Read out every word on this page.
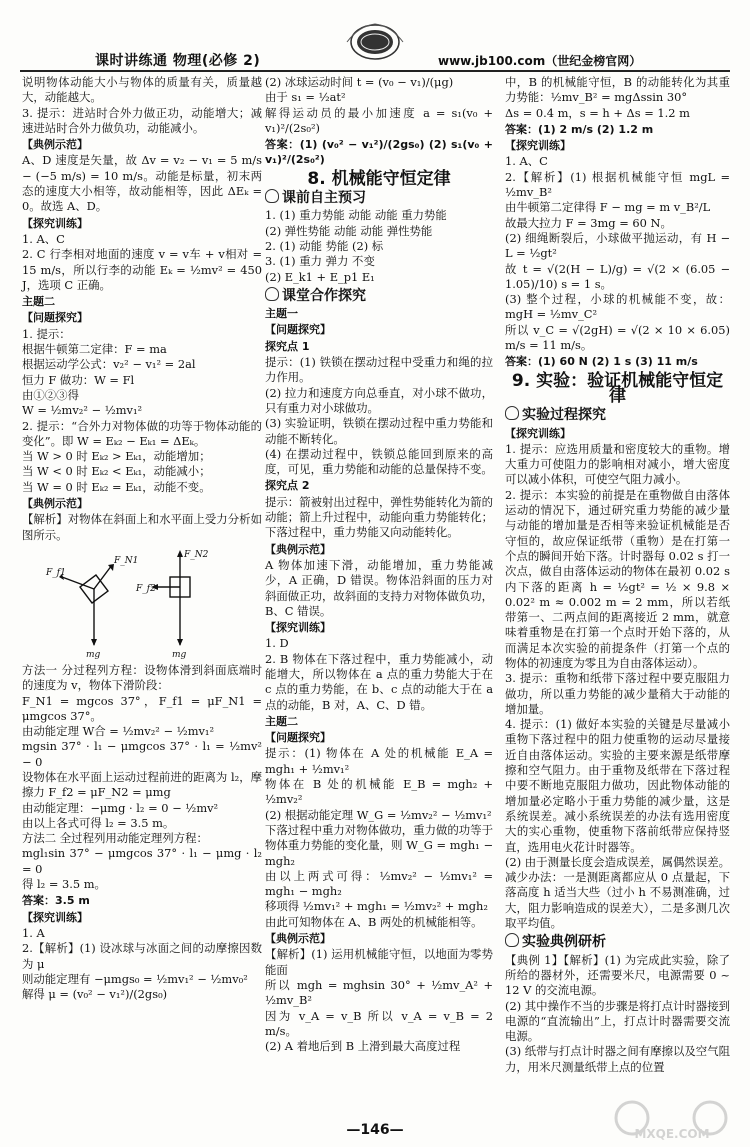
课时讲练通 物理(必修 2)	www.jb100.com（世纪金榜官网）

说明物体动能大小与物体的质量有关，质量越大，动能越大。

3. 提示：进站时合外力做正功，动能增大；减速进站时合外力做负功，动能减小。

【典例示范】

A、D 速度是矢量，故 Δv = v₂ − v₁ = 5 m/s − (−5 m/s) = 10 m/s。动能是标量，初末两态的速度大小相等，故动能相等，因此 ΔEₖ = 0。故选 A、D。

【探究训练】

1. A、C

2. C 行李相对地面的速度 v = v车 + v相对 = 15 m/s，所以行李的动能 Eₖ = ½mv² = 450 J，选项 C 正确。

主题二

【问题探究】

1. 提示：

根据牛顿第二定律：F = ma

根据运动学公式：v₂² − v₁² = 2al

恒力 F 做功：W = Fl

由①②③得

W = ½mv₂² − ½mv₁²

2. 提示：“合外力对物体做的功等于物体动能的变化”。即 W = Eₖ₂ − Eₖ₁ = ΔEₖ。

当 W > 0 时 Eₖ₂ > Eₖ₁，动能增加；

当 W < 0 时 Eₖ₂ < Eₖ₁，动能减小；

当 W = 0 时 Eₖ₂ = Eₖ₁，动能不变。

【典例示范】

【解析】对物体在斜面上和水平面上受力分析如图所示。

F_f1
F_N1
mg
F_N2
F_f2
mg

方法一 分过程列方程：设物体滑到斜面底端时的速度为 v，物体下滑阶段：

F_N1 = mgcos 37°，F_f1 = μF_N1 = μmgcos 37°。

由动能定理 W合 = ½mv₂² − ½mv₁²

mgsin 37° · l₁ − μmgcos 37° · l₁ = ½mv² − 0

设物体在水平面上运动过程前进的距离为 l₂，摩擦力 F_f2 = μF_N2 = μmg

由动能定理：−μmg · l₂ = 0 − ½mv²

由以上各式可得 l₂ = 3.5 m。

方法二 全过程列用动能定理列方程：

mgl₁sin 37° − μmgcos 37° · l₁ − μmg · l₂ = 0

得 l₂ = 3.5 m。

答案：3.5 m

【探究训练】

1. A

2.【解析】(1) 设冰球与冰面之间的动摩擦因数为 μ

则动能定理有 −μmgs₀ = ½mv₁² − ½mv₀²

解得 μ = (v₀² − v₁²)/(2gs₀)

(2) 冰球运动时间 t = (v₀ − v₁)/(μg)

由于 s₁ = ½at²

解得运动员的最小加速度 a = s₁(v₀ + v₁)²/(2s₀²)

答案：(1) (v₀² − v₁²)/(2gs₀) (2) s₁(v₀ + v₁)²/(2s₀²)

8. 机械能守恒定律

课前自主预习

1. (1) 重力势能 动能 动能 重力势能

(2) 弹性势能 动能 动能 弹性势能

2. (1) 动能 势能 (2) 标

3. (1) 重力 弹力 不变

(2) E_k1 + E_p1 E₁

课堂合作探究

主题一

【问题探究】

探究点 1

提示：(1) 铁锁在摆动过程中受重力和绳的拉力作用。

(2) 拉力和速度方向总垂直，对小球不做功，只有重力对小球做功。

(3) 实验证明，铁锁在摆动过程中重力势能和动能不断转化。

(4) 在摆动过程中，铁锁总能回到原来的高度，可见，重力势能和动能的总量保持不变。

探究点 2

提示：箭被射出过程中，弹性势能转化为箭的动能；箭上升过程中，动能向重力势能转化；下落过程中，重力势能又向动能转化。

【典例示范】

A 物体加速下滑，动能增加，重力势能减少，A 正确，D 错误。物体沿斜面的压力对斜面做正功，故斜面的支持力对物体做负功，B、C 错误。

【探究训练】

1. D

2. B 物体在下落过程中，重力势能减小，动能增大，所以物体在 a 点的重力势能大于在 c 点的重力势能，在 b、c 点的动能大于在 a 点的动能，B 对，A、C、D 错。

主题二

【问题探究】

提示：(1) 物体在 A 处的机械能 E_A = mgh₁ + ½mv₁²

物体在 B 处的机械能 E_B = mgh₂ + ½mv₂²

(2) 根据动能定理 W_G = ½mv₂² − ½mv₁²

下落过程中重力对物体做功，重力做的功等于物体重力势能的变化量，则 W_G = mgh₁ − mgh₂

由以上两式可得：½mv₂² − ½mv₁² = mgh₁ − mgh₂

移项得 ½mv₁² + mgh₁ = ½mv₂² + mgh₂

由此可知物体在 A、B 两处的机械能相等。

【典例示范】

【解析】(1) 运用机械能守恒，以地面为零势能面

所以 mgh = mghsin 30° + ½mv_A² + ½mv_B²

因为 v_A = v_B 所以 v_A = v_B = 2 m/s。

(2) A 着地后到 B 上滑到最大高度过程

中，B 的机械能守恒，B 的动能转化为其重力势能：½mv_B² = mgΔssin 30°

Δs = 0.4 m，s = h + Δs = 1.2 m

答案：(1) 2 m/s (2) 1.2 m

【探究训练】

1. A、C

2.【解析】(1) 根据机械能守恒 mgL = ½mv_B²

由牛顿第二定律得 F − mg = m v_B²/L

故最大拉力 F = 3mg = 60 N。

(2) 细绳断裂后，小球做平抛运动，有 H − L = ½gt²

故 t = √(2(H − L)/g) = √(2 × (6.05 − 1.05)/10) s = 1 s。

(3) 整个过程，小球的机械能不变，故：mgH = ½mv_C²

所以 v_C = √(2gH) = √(2 × 10 × 6.05) m/s = 11 m/s。

答案：(1) 60 N (2) 1 s (3) 11 m/s

9. 实验：验证机械能守恒定律

实验过程探究

【探究训练】

1. 提示：应选用质量和密度较大的重物。增大重力可使阻力的影响相对减小，增大密度可以减小体积，可使空气阻力减小。

2. 提示：本实验的前提是在重物做自由落体运动的情况下，通过研究重力势能的减少量与动能的增加量是否相等来验证机械能是否守恒的，故应保证纸带（重物）是在打第一个点的瞬间开始下落。计时器每 0.02 s 打一次点，做自由落体运动的物体在最初 0.02 s 内下落的距离 h = ½gt² = ½ × 9.8 × 0.02² m ≈ 0.002 m = 2 mm，所以若纸带第一、二两点间的距离接近 2 mm，就意味着重物是在打第一个点时开始下落的，从而满足本次实验的前提条件（打第一个点的物体的初速度为零且为自由落体运动）。

3. 提示：重物和纸带下落过程中要克服阻力做功，所以重力势能的减少量稍大于动能的增加量。

4. 提示：(1) 做好本实验的关键是尽量减小重物下落过程中的阻力使重物的运动尽量接近自由落体运动。实验的主要来源是纸带摩擦和空气阻力。由于重物及纸带在下落过程中要不断地克服阻力做功，因此物体动能的增加量必定略小于重力势能的减少量，这是系统误差。减小系统误差的办法有选用密度大的实心重物，使重物下落前纸带应保持竖直，选用电火花计时器等。

(2) 由于测量长度会造成误差，属偶然误差。减少办法：一是测距离都应从 0 点量起，下落高度 h 适当大些（过小 h 不易测准确，过大，阻力影响造成的误差大），二是多测几次取平均值。

实验典例研析

【典例 1】【解析】(1) 为完成此实验，除了所给的器材外，还需要米尺，电源需要 0 ~ 12 V 的交流电源。

(2) 其中操作不当的步骤是将打点计时器接到电源的“直流输出”上，打点计时器需要交流电源。

(3) 纸带与打点计时器之间有摩擦以及空气阻力，用米尺测量纸带上点的位置

—146—	MXQE.COM
